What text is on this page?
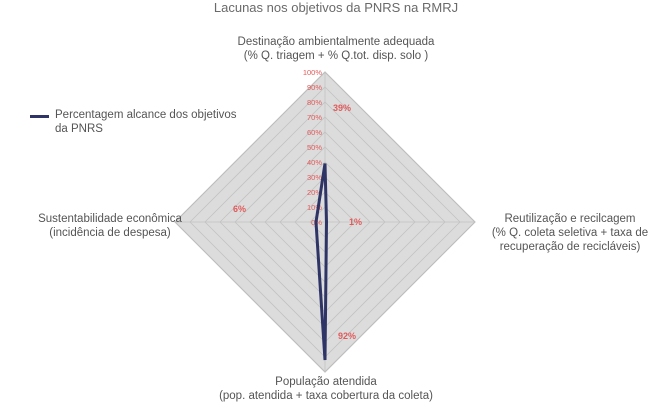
Lacunas nos objetivos da PNRS na RMRJ
0%
10%
20%
30%
40%
50%
60%
70%
80%
90%
100%
39%
1%
92%
6%
Percentagem alcance dos objetivos da PNRS
Destinação ambientalmente adequada
(% Q. triagem + % Q.tot. disp. solo )
Reutilização e recilcagem
(% Q. coleta seletiva + taxa de
recuperação de recicláveis)
População atendida
(pop. atendida + taxa cobertura da coleta)
Sustentabilidade econômica
(incidência de despesa)
